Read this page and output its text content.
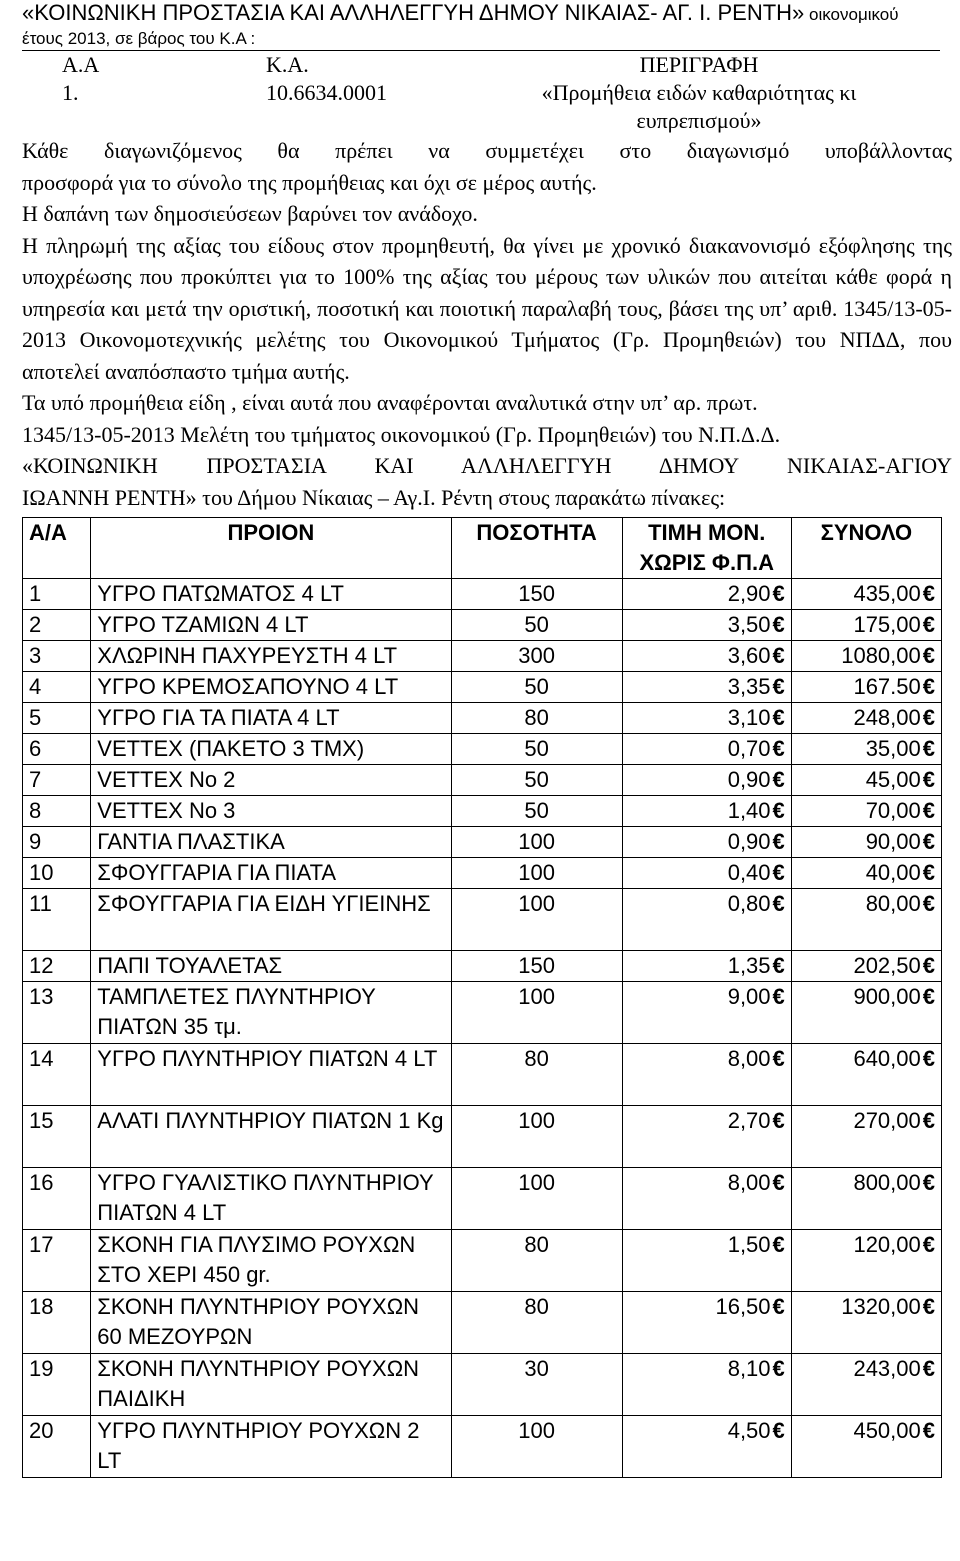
«ΚΟΙΝΩΝΙΚΗ ΠΡΟΣΤΑΣΙΑ ΚΑΙ ΑΛΛΗΛΕΓΓΥΗ ΔΗΜΟΥ ΝΙΚΑΙΑΣ- ΑΓ. Ι. ΡΕΝΤΗ» οικονομικού
έτους 2013, σε βάρος του Κ.Α :
Α.Α	Κ.Α.	ΠΕΡΙΓΡΑΦΗ
1.	10.6634.0001	«Προμήθεια ειδών καθαριότητας κι
ευπρεπισμού»

Κάθε διαγωνιζόμενος θα πρέπει να συμμετέχει στο διαγωνισμό υποβάλλοντας

προσφορά για το σύνολο της προμήθειας και όχι σε μέρος αυτής.

Η δαπάνη των δημοσιεύσεων βαρύνει τον ανάδοχο.

Η πληρωμή της αξίας του είδους στον προμηθευτή, θα γίνει με χρονικό διακανονισμό εξόφλησης της υποχρέωσης που προκύπτει για το 100% της αξίας του μέρους των υλικών που αιτείται κάθε φορά η υπηρεσία και μετά την οριστική, ποσοτική και ποιοτική παραλαβή τους, βάσει της υπ’ αριθ. 1345/13-05-2013 Οικονομοτεχνικής μελέτης του Οικονομικού Τμήματος (Γρ. Προμηθειών) του ΝΠΔΔ, που αποτελεί αναπόσπαστο τμήμα αυτής.

Τα υπό προμήθεια είδη , είναι αυτά που αναφέρονται αναλυτικά στην υπ’ αρ. πρωτ.

1345/13-05-2013 Μελέτη του τμήματος οικονομικού (Γρ. Προμηθειών) του Ν.Π.Δ.Δ.

«ΚΟΙΝΩΝΙΚΗ ΠΡΟΣΤΑΣΙΑ ΚΑΙ ΑΛΛΗΛΕΓΓΥΗ ΔΗΜΟΥ ΝΙΚΑΙΑΣ-ΑΓΙΟΥ

ΙΩΑΝΝΗ ΡΕΝΤΗ» του Δήμου Νίκαιας – Αγ.Ι. Ρέντη στους παρακάτω πίνακες:

Α/Α	ΠΡΟΙΟΝ	ΠΟΣΟΤΗΤΑ	ΤΙΜΗ ΜΟΝ.
ΧΩΡΙΣ Φ.Π.Α	ΣΥΝΟΛΟ
1	ΥΓΡΟ ΠΑΤΩΜΑΤΟΣ 4 LT	150	2,90€	435,00€
2	ΥΓΡΟ ΤΖΑΜΙΩΝ 4 LT	50	3,50€	175,00€
3	ΧΛΩΡΙΝΗ ΠΑΧΥΡΕΥΣΤΗ 4 LT	300	3,60€	1080,00€
4	ΥΓΡΟ ΚΡΕΜΟΣΑΠΟΥΝΟ 4 LT	50	3,35€	167.50€
5	ΥΓΡΟ ΓΙΑ ΤΑ ΠΙΑΤΑ 4 LT	80	3,10€	248,00€
6	VETTEX (ΠΑΚΕΤΟ 3 ΤΜΧ)	50	0,70€	35,00€
7	VETTEX No 2	50	0,90€	45,00€
8	VETTEX No 3	50	1,40€	70,00€
9	ΓΑΝΤΙΑ ΠΛΑΣΤΙΚΑ	100	0,90€	90,00€
10	ΣΦΟΥΓΓΑΡΙΑ ΓΙΑ ΠΙΑΤΑ	100	0,40€	40,00€
11	ΣΦΟΥΓΓΑΡΙΑ ΓΙΑ ΕΙΔΗ ΥΓΙΕΙΝΗΣ	100	0,80€	80,00€
12	ΠΑΠΙ ΤΟΥΑΛΕΤΑΣ	150	1,35€	202,50€
13	ΤΑΜΠΛΕΤΕΣ ΠΛΥΝΤΗΡΙΟΥ ΠΙΑΤΩΝ 35 τμ.	100	9,00€	900,00€
14	ΥΓΡΟ ΠΛΥΝΤΗΡΙΟΥ ΠΙΑΤΩΝ 4 LT	80	8,00€	640,00€
15	ΑΛΑΤΙ ΠΛΥΝΤΗΡΙΟΥ ΠΙΑΤΩΝ 1 Kg	100	2,70€	270,00€
16	ΥΓΡΟ ΓΥΑΛΙΣΤΙΚΟ ΠΛΥΝΤΗΡΙΟΥ ΠΙΑΤΩΝ 4 LT	100	8,00€	800,00€
17	ΣΚΟΝΗ ΓΙΑ ΠΛΥΣΙΜΟ ΡΟΥΧΩΝ ΣΤΟ ΧΕΡΙ 450 gr.	80	1,50€	120,00€
18	ΣΚΟΝΗ ΠΛΥΝΤΗΡΙΟΥ ΡΟΥΧΩΝ 60 ΜΕΖΟΥΡΩΝ	80	16,50€	1320,00€
19	ΣΚΟΝΗ ΠΛΥΝΤΗΡΙΟΥ ΡΟΥΧΩΝ ΠΑΙΔΙΚΗ	30	8,10€	243,00€
20	ΥΓΡΟ ΠΛΥΝΤΗΡΙΟΥ ΡΟΥΧΩΝ 2 LT	100	4,50€	450,00€
